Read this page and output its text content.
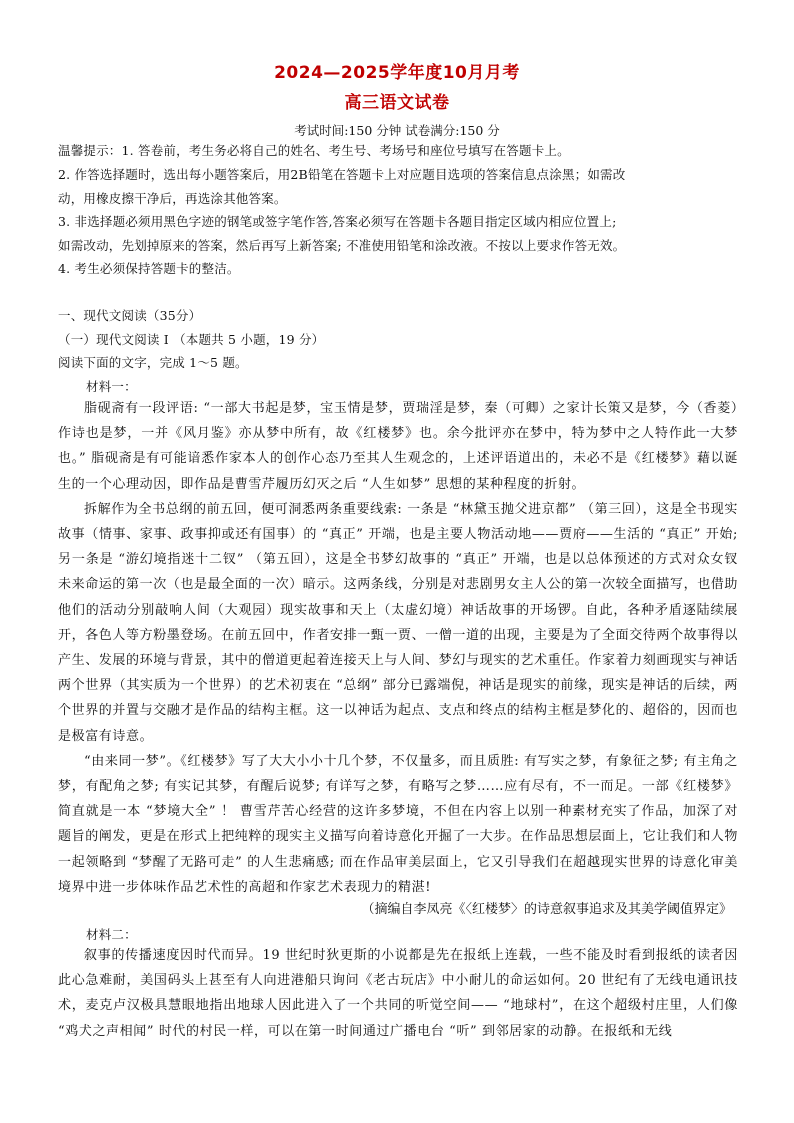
2024—2025学年度10月月考
高三语文试卷
考试时间:150 分钟 试卷满分:150 分
温馨提示：1. 答卷前，考生务必将自己的姓名、考生号、考场号和座位号填写在答题卡上。
2. 作答选择题时，选出每小题答案后，用2B铅笔在答题卡上对应题目选项的答案信息点涂黑；如需改
动，用橡皮擦干净后，再选涂其他答案。
3. 非选择题必须用黑色字迹的钢笔或签字笔作答,答案必须写在答题卡各题目指定区域内相应位置上;
如需改动，先划掉原来的答案，然后再写上新答案; 不准使用铅笔和涂改液。不按以上要求作答无效。
4. 考生必须保持答题卡的整洁。
一、现代文阅读（35分）
（一）现代文阅读 I （本题共 5 小题，19 分）
阅读下面的文字，完成 1～5 题。
材料一：

脂砚斋有一段评语: “一部大书起是梦，宝玉情是梦，贾瑞淫是梦，秦（可卿）之家计长策又是梦，今（香菱）作诗也是梦，一并《风月鉴》亦从梦中所有，故《红楼梦》也。余今批评亦在梦中，特为梦中之人特作此一大梦也。” 脂砚斋是有可能谙悉作家本人的创作心态乃至其人生观念的，上述评语道出的，未必不是《红楼梦》藉以诞生的一个心理动因，即作品是曹雪芹履历幻灭之后 “人生如梦” 思想的某种程度的折射。

拆解作为全书总纲的前五回，便可洞悉两条重要线索: 一条是 “林黛玉抛父进京都” （第三回），这是全书现实故事（情事、家事、政事抑或还有国事）的 “真正” 开端，也是主要人物活动地——贾府——生活的 “真正” 开始; 另一条是 “游幻境指迷十二钗” （第五回），这是全书梦幻故事的 “真正” 开端，也是以总体预述的方式对众女钗未来命运的第一次（也是最全面的一次）暗示。这两条线，分别是对悲剧男女主人公的第一次较全面描写，也借助他们的活动分别敲响人间（大观园）现实故事和天上（太虚幻境）神话故事的开场锣。自此，各种矛盾逐陆续展开，各色人等方粉墨登场。在前五回中，作者安排一甄一贾、一僧一道的出现，主要是为了全面交待两个故事得以产生、发展的环境与背景，其中的僧道更起着连接天上与人间、梦幻与现实的艺术重任。作家着力刻画现实与神话两个世界（其实质为一个世界）的艺术初衷在 “总纲” 部分已露端倪，神话是现实的前缘，现实是神话的后续，两个世界的并置与交融才是作品的结构主框。这一以神话为起点、支点和终点的结构主框是梦化的、超俗的，因而也是极富有诗意。

“由来同一梦”。《红楼梦》写了大大小小十几个梦，不仅量多，而且质胜: 有写实之梦，有象征之梦; 有主角之梦，有配角之梦; 有实记其梦，有醒后说梦; 有详写之梦，有略写之梦……应有尽有，不一而足。一部《红楼梦》简直就是一本 “梦境大全” ！ 曹雪芹苦心经营的这许多梦境，不但在内容上以别一种素材充实了作品，加深了对题旨的阐发，更是在形式上把纯粹的现实主义描写向着诗意化开掘了一大步。在作品思想层面上，它让我们和人物一起领略到 “梦醒了无路可走” 的人生悲痛感; 而在作品审美层面上，它又引导我们在超越现实世界的诗意化审美境界中进一步体味作品艺术性的高超和作家艺术表现力的精湛!

（摘编自李凤亮《〈红楼梦〉的诗意叙事追求及其美学阈值界定》
材料二：

叙事的传播速度因时代而异。19 世纪时狄更斯的小说都是先在报纸上连载，一些不能及时看到报纸的读者因此心急难耐，美国码头上甚至有人向进港船只询问《老古玩店》中小耐儿的命运如何。20 世纪有了无线电通讯技术，麦克卢汉极具慧眼地指出地球人因此进入了一个共同的听觉空间—— “地球村”，在这个超级村庄里，人们像 “鸡犬之声相闻” 时代的村民一样，可以在第一时间通过广播电台 “听” 到邻居家的动静。在报纸和无线
